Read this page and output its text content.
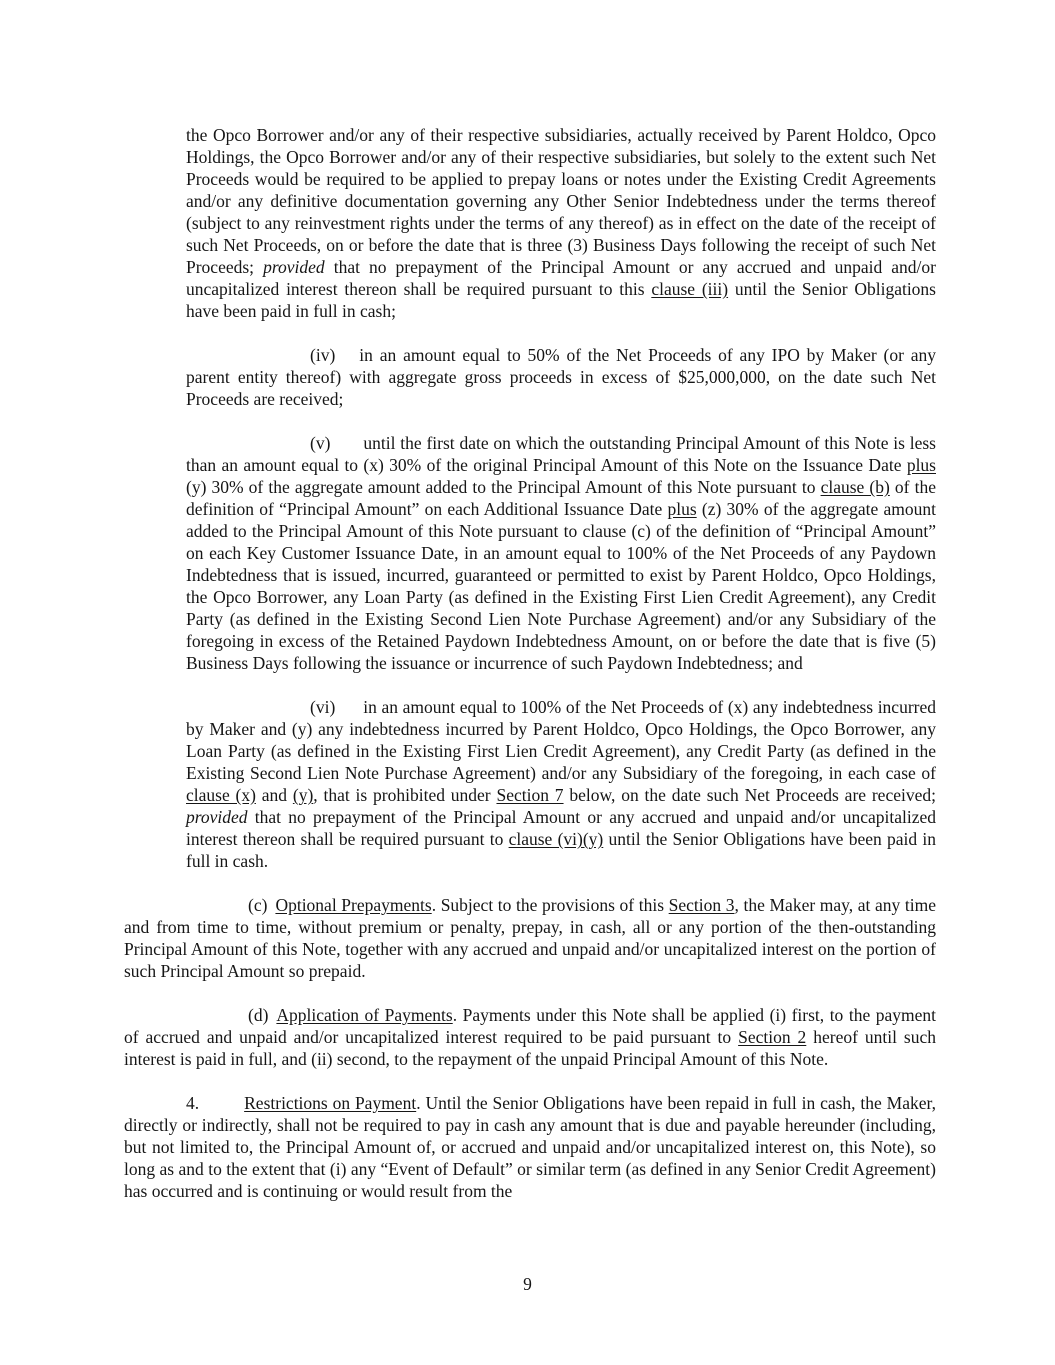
the Opco Borrower and/or any of their respective subsidiaries, actually received by Parent Holdco, Opco Holdings, the Opco Borrower and/or any of their respective subsidiaries, but solely to the extent such Net Proceeds would be required to be applied to prepay loans or notes under the Existing Credit Agreements and/or any definitive documentation governing any Other Senior Indebtedness under the terms thereof (subject to any reinvestment rights under the terms of any thereof) as in effect on the date of the receipt of such Net Proceeds, on or before the date that is three (3) Business Days following the receipt of such Net Proceeds; provided that no prepayment of the Principal Amount or any accrued and unpaid and/or uncapitalized interest thereon shall be required pursuant to this clause (iii) until the Senior Obligations have been paid in full in cash;

(iv) in an amount equal to 50% of the Net Proceeds of any IPO by Maker (or any parent entity thereof) with aggregate gross proceeds in excess of $25,000,000, on the date such Net Proceeds are received;

(v) until the first date on which the outstanding Principal Amount of this Note is less than an amount equal to (x) 30% of the original Principal Amount of this Note on the Issuance Date plus (y) 30% of the aggregate amount added to the Principal Amount of this Note pursuant to clause (b) of the definition of “Principal Amount” on each Additional Issuance Date plus (z) 30% of the aggregate amount added to the Principal Amount of this Note pursuant to clause (c) of the definition of “Principal Amount” on each Key Customer Issuance Date, in an amount equal to 100% of the Net Proceeds of any Paydown Indebtedness that is issued, incurred, guaranteed or permitted to exist by Parent Holdco, Opco Holdings, the Opco Borrower, any Loan Party (as defined in the Existing First Lien Credit Agreement), any Credit Party (as defined in the Existing Second Lien Note Purchase Agreement) and/or any Subsidiary of the foregoing in excess of the Retained Paydown Indebtedness Amount, on or before the date that is five (5) Business Days following the issuance or incurrence of such Paydown Indebtedness; and

(vi) in an amount equal to 100% of the Net Proceeds of (x) any indebtedness incurred by Maker and (y) any indebtedness incurred by Parent Holdco, Opco Holdings, the Opco Borrower, any Loan Party (as defined in the Existing First Lien Credit Agreement), any Credit Party (as defined in the Existing Second Lien Note Purchase Agreement) and/or any Subsidiary of the foregoing, in each case of clause (x) and (y), that is prohibited under Section 7 below, on the date such Net Proceeds are received; provided that no prepayment of the Principal Amount or any accrued and unpaid and/or uncapitalized interest thereon shall be required pursuant to clause (vi)(y) until the Senior Obligations have been paid in full in cash.

(c) Optional Prepayments. Subject to the provisions of this Section 3, the Maker may, at any time and from time to time, without premium or penalty, prepay, in cash, all or any portion of the then-outstanding Principal Amount of this Note, together with any accrued and unpaid and/or uncapitalized interest on the portion of such Principal Amount so prepaid.

(d) Application of Payments. Payments under this Note shall be applied (i) first, to the payment of accrued and unpaid and/or uncapitalized interest required to be paid pursuant to Section 2 hereof until such interest is paid in full, and (ii) second, to the repayment of the unpaid Principal Amount of this Note.

4.	Restrictions on Payment. Until the Senior Obligations have been repaid in full in cash, the Maker, directly or indirectly, shall not be required to pay in cash any amount that is due and payable hereunder (including, but not limited to, the Principal Amount of, or accrued and unpaid and/or uncapitalized interest on, this Note), so long as and to the extent that (i) any “Event of Default” or similar term (as defined in any Senior Credit Agreement) has occurred and is continuing or would result from the

9
